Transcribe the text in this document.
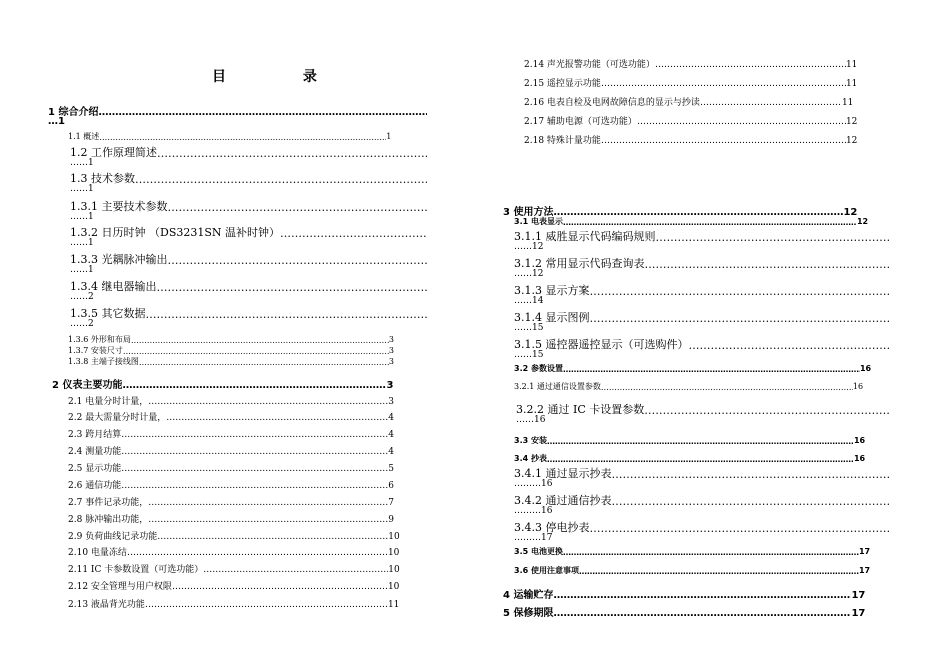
目 录
1 综合介绍………………………………………………………………………………………………………………………………………………………………………………………………………………………………………………………………………………………………………………
…1
1.1 概述 ………………………………………………………………………………………………………………………………………………………………………………………………………………………………………………………………………………………………………………	1
1.2 工作原理简述………………………………………………………………………………………………………………………………………………………………………………………………………………………………………………………………………………………………………………
……1
1.3 技术参数………………………………………………………………………………………………………………………………………………………………………………………………………………………………………………………………………………………………………………
……1
1.3.1 主要技术参数………………………………………………………………………………………………………………………………………………………………………………………………………………………………………………………………………………………………………………
……1
1.3.2 日历时钟 （DS3231SN 温补时钟）………………………………………………………………………………………………………………………………………………………………………………………………………………………………………………………………………………………………………………
……1
1.3.3 光耦脉冲输出………………………………………………………………………………………………………………………………………………………………………………………………………………………………………………………………………………………………………………
……1
1.3.4 继电器输出………………………………………………………………………………………………………………………………………………………………………………………………………………………………………………………………………………………………………………
……2
1.3.5 其它数据………………………………………………………………………………………………………………………………………………………………………………………………………………………………………………………………………………………………………………
……2
1.3.6 外形和布局 ………………………………………………………………………………………………………………………………………………………………………………………………………………………………………………………………………………………………………………	3
1.3.7 安装尺寸 ………………………………………………………………………………………………………………………………………………………………………………………………………………………………………………………………………………………………………………	3
1.3.8 主端子接线图 ………………………………………………………………………………………………………………………………………………………………………………………………………………………………………………………………………………………………………………	3
2 仪表主要功能 ………………………………………………………………………………………………………………………………………………………………………………………………………………………………………………………………………………………………………………	3
2.1 电量分时计量， ………………………………………………………………………………………………………………………………………………………………………………………………………………………………………………………………………………………………………………	3
2.2 最大需量分时计量， ………………………………………………………………………………………………………………………………………………………………………………………………………………………………………………………………………………………………………………	4
2.3 跨月结算 ………………………………………………………………………………………………………………………………………………………………………………………………………………………………………………………………………………………………………………	4
2.4 测量功能 ………………………………………………………………………………………………………………………………………………………………………………………………………………………………………………………………………………………………………………	4
2.5 显示功能 ………………………………………………………………………………………………………………………………………………………………………………………………………………………………………………………………………………………………………………	5
2.6 通信功能 ………………………………………………………………………………………………………………………………………………………………………………………………………………………………………………………………………………………………………………	6
2.7 事件记录功能， ………………………………………………………………………………………………………………………………………………………………………………………………………………………………………………………………………………………………………………	7
2.8 脉冲输出功能， ………………………………………………………………………………………………………………………………………………………………………………………………………………………………………………………………………………………………………………	9
2.9 负荷曲线记录功能 ………………………………………………………………………………………………………………………………………………………………………………………………………………………………………………………………………………………………………………	10
2.10 电量冻结 ………………………………………………………………………………………………………………………………………………………………………………………………………………………………………………………………………………………………………………	10
2.11 IC 卡参数设置（可选功能） ………………………………………………………………………………………………………………………………………………………………………………………………………………………………………………………………………………………………………………	10
2.12 安全管理与用户权限 ………………………………………………………………………………………………………………………………………………………………………………………………………………………………………………………………………………………………………………	10
2.13 液晶背光功能 ………………………………………………………………………………………………………………………………………………………………………………………………………………………………………………………………………………………………………………	11
2.14 声光报警功能（可选功能） ………………………………………………………………………………………………………………………………………………………………………………………………………………………………………………………………………………………………………………	11
2.15 遥控显示功能 ………………………………………………………………………………………………………………………………………………………………………………………………………………………………………………………………………………………………………………	11
2.16 电表自检及电网故障信息的显示与抄读 ………………………………………………………………………………………………………………………………………………………………………………………………………………………………………………………………………………………………………………	11
2.17 辅助电源（可选功能） ………………………………………………………………………………………………………………………………………………………………………………………………………………………………………………………………………………………………………………	12
2.18 特殊计量功能 ………………………………………………………………………………………………………………………………………………………………………………………………………………………………………………………………………………………………………………	12
3 使用方法 ………………………………………………………………………………………………………………………………………………………………………………………………………………………………………………………………………………………………………………	12
3.1 电表显示 ………………………………………………………………………………………………………………………………………………………………………………………………………………………………………………………………………………………………………………	12
3.1.1 威胜显示代码编码规则………………………………………………………………………………………………………………………………………………………………………………………………………………………………………………………………………………………………………………
……12
3.1.2 常用显示代码查询表………………………………………………………………………………………………………………………………………………………………………………………………………………………………………………………………………………………………………………
……12
3.1.3 显示方案………………………………………………………………………………………………………………………………………………………………………………………………………………………………………………………………………………………………………………
……14
3.1.4 显示图例………………………………………………………………………………………………………………………………………………………………………………………………………………………………………………………………………………………………………………
……15
3.1.5 遥控器遥控显示（可选购件）………………………………………………………………………………………………………………………………………………………………………………………………………………………………………………………………………………………………………………
……15
3.2 参数设置 ………………………………………………………………………………………………………………………………………………………………………………………………………………………………………………………………………………………………………………	16
3.2.1 通过通信设置参数 ………………………………………………………………………………………………………………………………………………………………………………………………………………………………………………………………………………………………………………	16
3.2.2 通过 IC 卡设置参数………………………………………………………………………………………………………………………………………………………………………………………………………………………………………………………………………………………………………………
……16
3.3 安装 ………………………………………………………………………………………………………………………………………………………………………………………………………………………………………………………………………………………………………………	16
3.4 抄表 ………………………………………………………………………………………………………………………………………………………………………………………………………………………………………………………………………………………………………………	16
3.4.1 通过显示抄表………………………………………………………………………………………………………………………………………………………………………………………………………………………………………………………………………………………………………………
………16
3.4.2 通过通信抄表………………………………………………………………………………………………………………………………………………………………………………………………………………………………………………………………………………………………………………
………16
3.4.3 停电抄表………………………………………………………………………………………………………………………………………………………………………………………………………………………………………………………………………………………………………………
………17
3.5 电池更换 ………………………………………………………………………………………………………………………………………………………………………………………………………………………………………………………………………………………………………………	17
3.6 使用注意事项 ………………………………………………………………………………………………………………………………………………………………………………………………………………………………………………………………………………………………………………	17
4 运输贮存 ………………………………………………………………………………………………………………………………………………………………………………………………………………………………………………………………………………………………………………	17
5 保修期限 ………………………………………………………………………………………………………………………………………………………………………………………………………………………………………………………………………………………………………………	17
